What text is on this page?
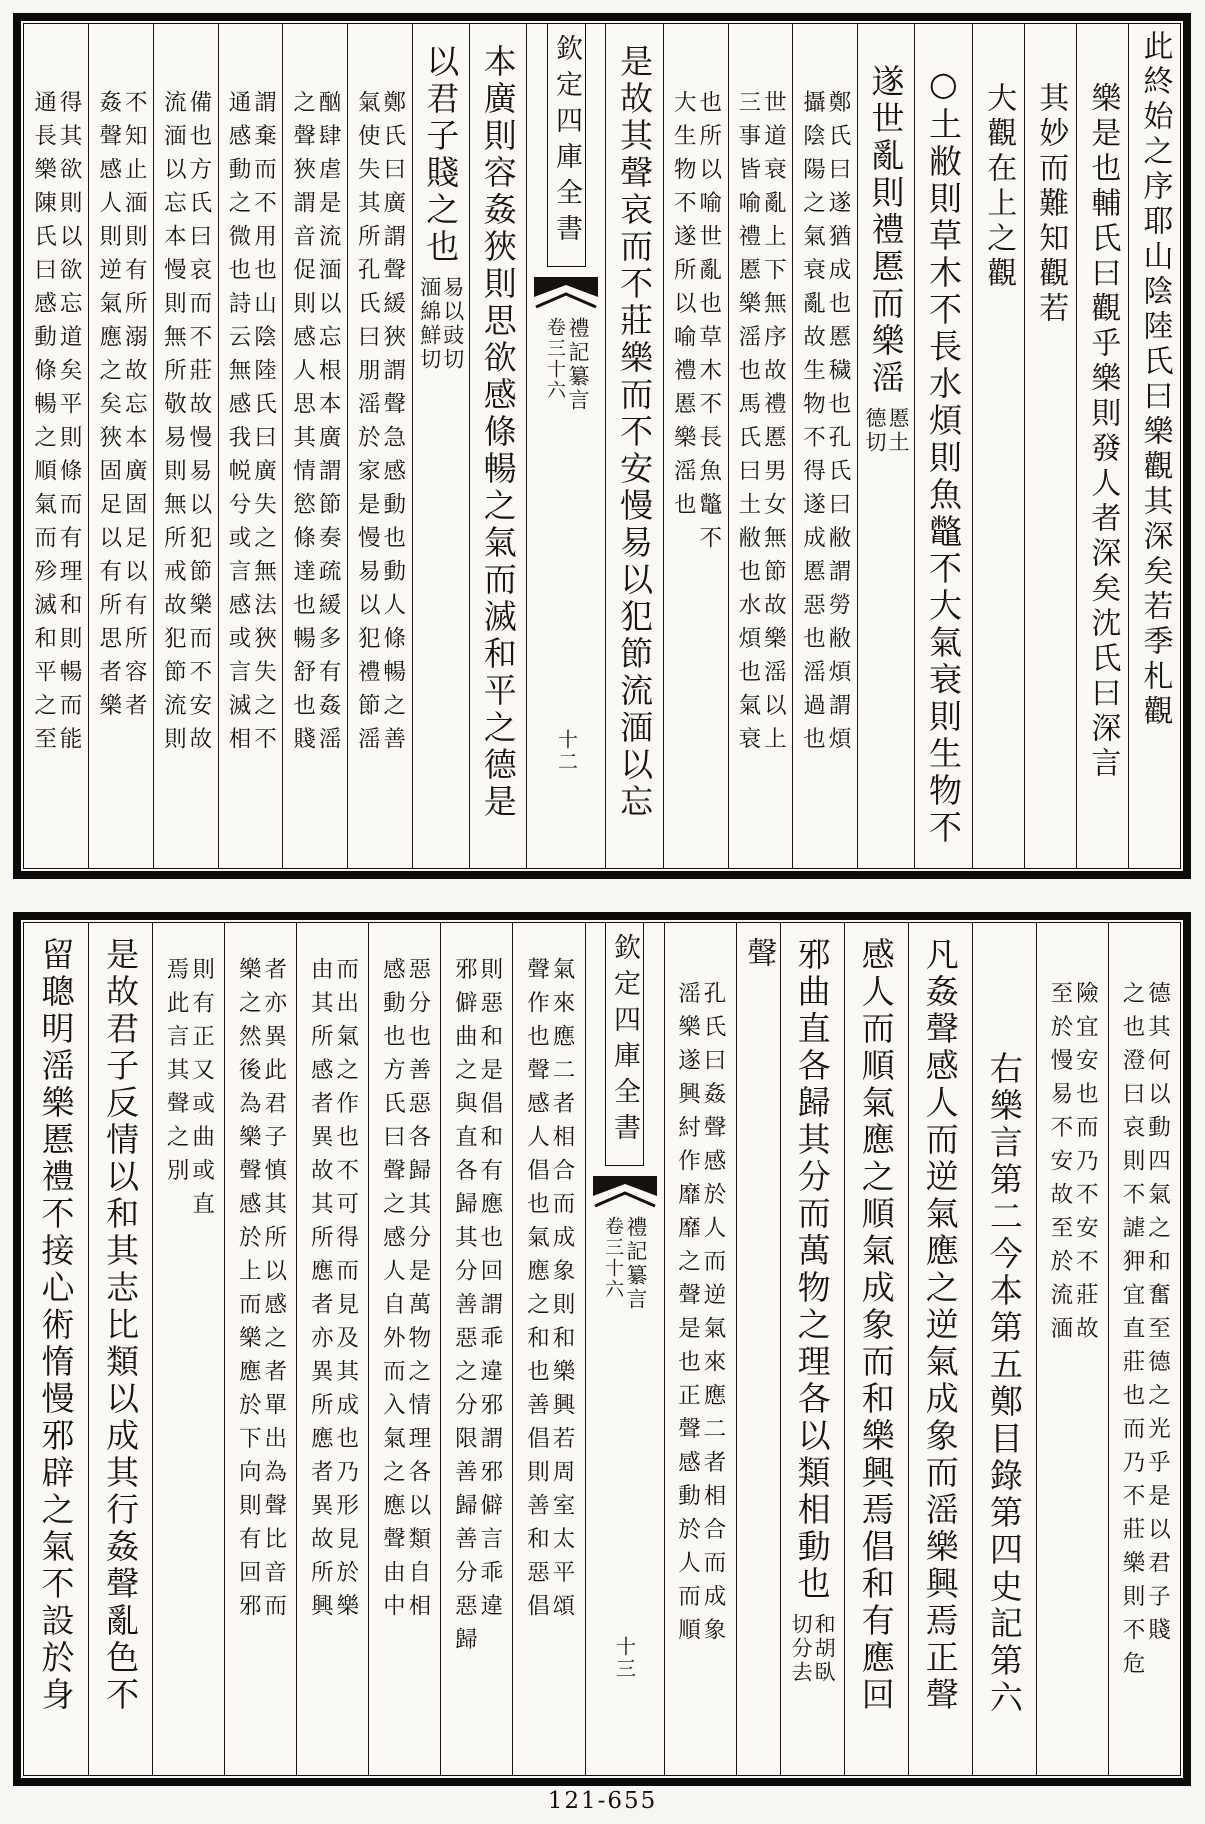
此終始之序耶山陰陸氏曰樂觀其深矣若季札觀
樂是也輔氏曰觀乎樂則發人者深矣沈氏曰深言
其妙而難知觀若
大觀在上之觀
○土敝則草木不長水煩則魚鼈不大氣衰則生物不
遂世亂則禮慝而樂滛
慝土
德切
鄭氏曰遂猶成也慝穢也孔氏曰敝謂勞敝煩謂煩
攝陰陽之氣衰亂故生物不得遂成慝惡也滛過也
世道衰亂上下無序故禮慝男女無節故樂滛以上
三事皆喻禮慝樂滛也馬氏曰土敝也水煩也氣衰
也所以喻世亂也草木不長魚鼈不
大生物不遂所以喻禮慝樂滛也
是故其聲哀而不莊樂而不安慢易以犯節流湎以忘
欽定四庫全書
禮記纂言
卷三十六
十二
本廣則容姦狹則思欲感條暢之氣而滅和平之德是
以君子賤之也
易以豉切
湎綿鮮切
鄭氏曰廣謂聲緩狹謂聲急感動也動人條暢之善
氣使失其所孔氏曰朋滛於家是慢易以犯禮節滛
酗肆虐是流湎以忘根本廣謂節奏疏緩多有姦滛
之聲狹謂音促則感人思其情慾條達也暢舒也賤
謂棄而不用也山陰陸氏曰廣失之無法狹失之不
通感動之微也詩云無感我帨兮或言感或言滅相
備也方氏曰哀而不莊故慢易以犯節樂而不安故
流湎以忘本慢則無所敬易則無所戒故犯節流則
不知止湎則有所溺故忘本廣固足以有所容者
姦聲感人則逆氣應之矣狹固足以有所思者樂
得其欲則以欲忘道矣平則條而有理和則暢而能
通長樂陳氏曰感動條暢之順氣而殄滅和平之至
德其何以動四氣之和奮至德之光乎是以君子賤
之也澄曰哀則不謔狎宜直莊也而乃不莊樂則不危
險宜安也而乃不安不莊故
至於慢易不安故至於流湎
右樂言第二今本第五鄭目錄第四史記第六
凡姦聲感人而逆氣應之逆氣成象而滛樂興焉正聲
感人而順氣應之順氣成象而和樂興焉倡和有應回
邪曲直各歸其分而萬物之理各以類相動也
和胡臥
切分去
聲
孔氏曰姦聲感於人而逆氣來應二者相合而成象
滛樂遂興紂作靡靡之聲是也正聲感動於人而順
欽定四庫全書
禮記纂言
卷三十六
十三
氣來應二者相合而成象則和樂興若周室太平頌
聲作也聲感人倡也氣應之和也善倡則善和惡倡
則惡和是倡和有應也回謂乖違邪謂邪僻言乖違
邪僻曲之與直各歸其分善惡之分限善歸善分惡歸
惡分也善惡各歸其分是萬物之情理各以類自相
感動也方氏曰聲之感人自外而入氣之應聲由中
而出氣之作也不可得而見及其成也乃形見於樂
由其所感者異故其所應者亦異所應者異故所興
者亦異此君子慎其所以感之者單出為聲比音而
樂之然後為樂聲感於上而樂應於下向則有回邪
則有正又或曲或直
焉此言其聲之別
是故君子反情以和其志比類以成其行姦聲亂色不
留聰明滛樂慝禮不接心術惰慢邪辟之氣不設於身
121-655
